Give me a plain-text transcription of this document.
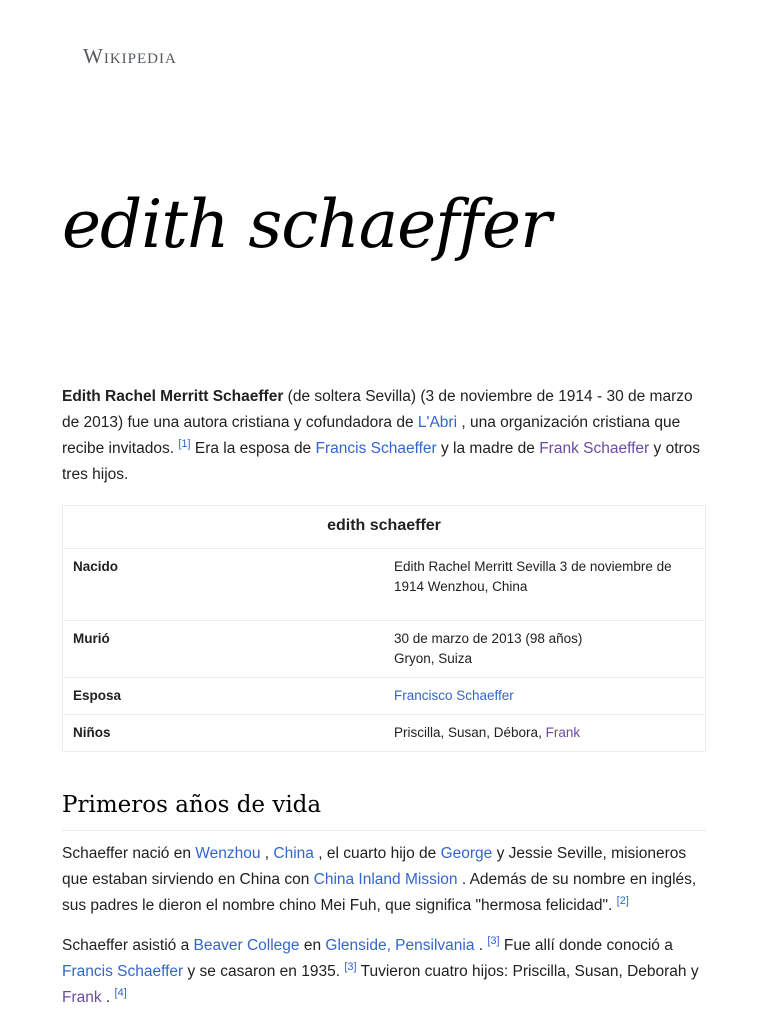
Wikipedia
edith schaeffer

Edith Rachel Merritt Schaeffer (de soltera Sevilla) (3 de noviembre de 1914 - 30 de marzo de 2013) fue una autora cristiana y cofundadora de L'Abri , una organización cristiana que recibe invitados. [1] Era la esposa de Francis Schaeffer y la madre de Frank Schaeffer y otros tres hijos.

edith schaeffer
Nacido	Edith Rachel Merritt Sevilla 3 de noviembre de 1914 Wenzhou, China
Murió	30 de marzo de 2013 (98 años)
Gryon, Suiza
Esposa	Francisco Schaeffer
Niños	Priscilla, Susan, Débora, Frank
Primeros años de vida

Schaeffer nació en Wenzhou , China , el cuarto hijo de George y Jessie Seville, misioneros que estaban sirviendo en China con China Inland Mission . Además de su nombre en inglés, sus padres le dieron el nombre chino Mei Fuh, que significa "hermosa felicidad". [2]

Schaeffer asistió a Beaver College en Glenside, Pensilvania . [3] Fue allí donde conoció a Francis Schaeffer y se casaron en 1935. [3] Tuvieron cuatro hijos: Priscilla, Susan, Deborah y Frank . [4]
